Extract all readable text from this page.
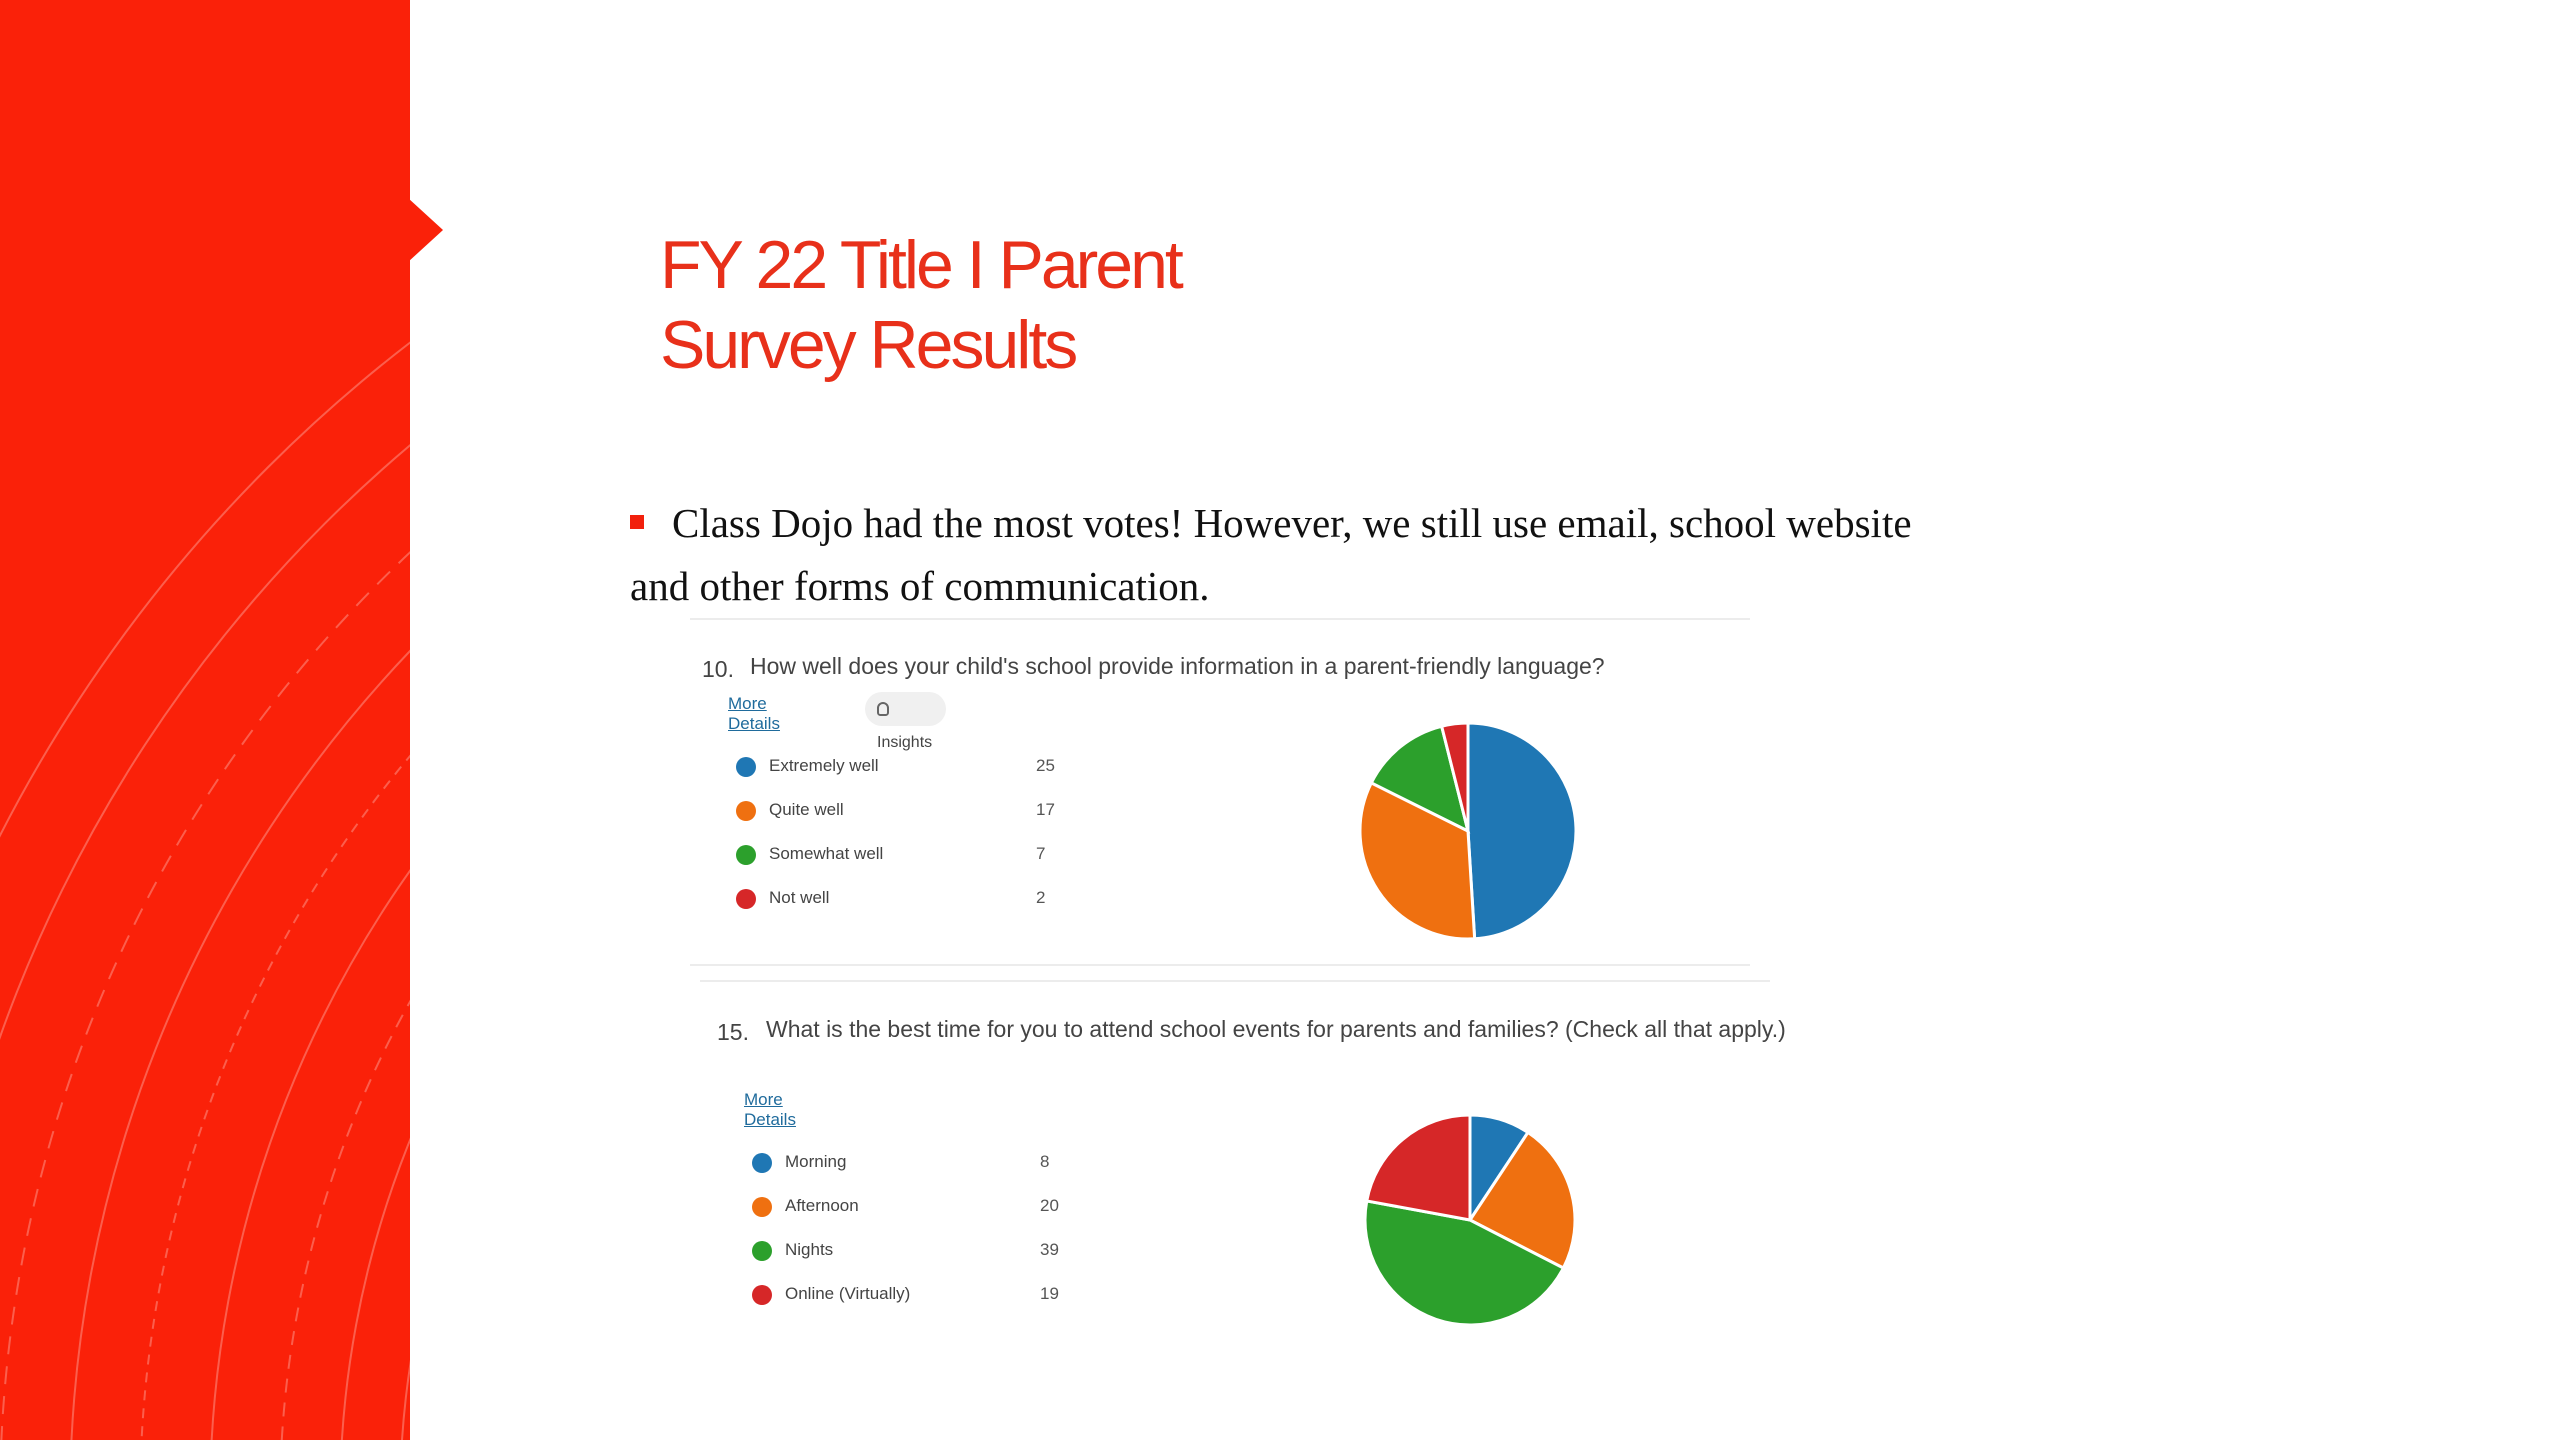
FY 22 Title I Parent
Survey Results
Class Dojo had the most votes! However, we still use email, school website and other forms of communication.
10. How well does your child's school provide information in a parent-friendly language?
More Details
Insights
Extremely well	25
Quite well	17
Somewhat well	7
Not well	2
15. What is the best time for you to attend school events for parents and families? (Check all that apply.)
More Details
Morning	8
Afternoon	20
Nights	39
Online (Virtually)	19
